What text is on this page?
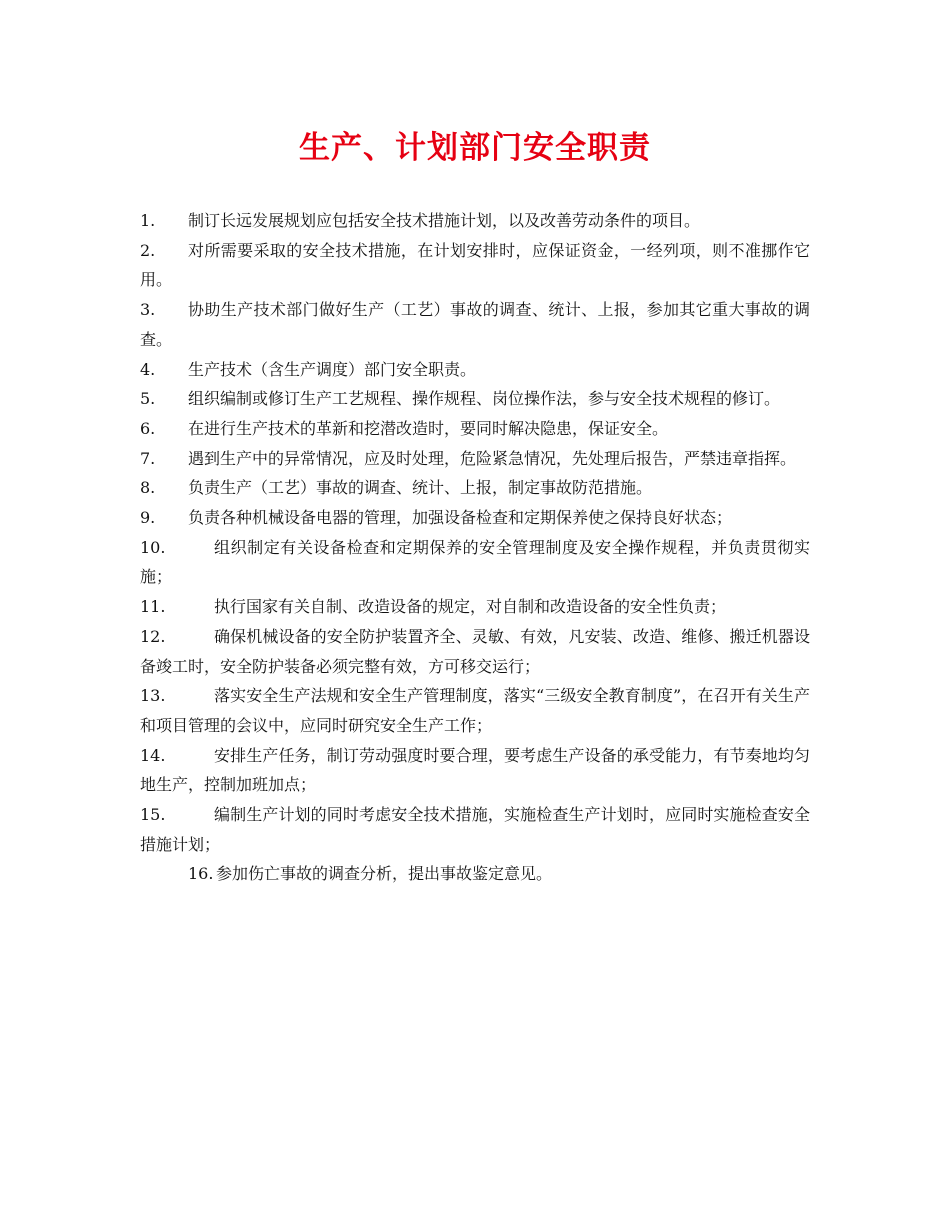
生产、计划部门安全职责
1.	制订长远发展规划应包括安全技术措施计划，以及改善劳动条件的项目。
2.	对所需要采取的安全技术措施，在计划安排时，应保证资金，一经列项，则不准挪作它用。
3.	协助生产技术部门做好生产（工艺）事故的调查、统计、上报，参加其它重大事故的调查。
4.	生产技术（含生产调度）部门安全职责。
5.	组织编制或修订生产工艺规程、操作规程、岗位操作法，参与安全技术规程的修订。
6.	在进行生产技术的革新和挖潜改造时，要同时解决隐患，保证安全。
7.	遇到生产中的异常情况，应及时处理，危险紧急情况，先处理后报告，严禁违章指挥。
8.	负责生产（工艺）事故的调查、统计、上报，制定事故防范措施。
9.	负责各种机械设备电器的管理，加强设备检查和定期保养使之保持良好状态；
10.	组织制定有关设备检查和定期保养的安全管理制度及安全操作规程，并负责贯彻实施；
11.	执行国家有关自制、改造设备的规定，对自制和改造设备的安全性负责；
12.	确保机械设备的安全防护装置齐全、灵敏、有效，凡安装、改造、维修、搬迁机器设备竣工时，安全防护装备必须完整有效，方可移交运行；
13.	落实安全生产法规和安全生产管理制度，落实“三级安全教育制度”，在召开有关生产和项目管理的会议中，应同时研究安全生产工作；
14.	安排生产任务，制订劳动强度时要合理，要考虑生产设备的承受能力，有节奏地均匀地生产，控制加班加点；
15.	编制生产计划的同时考虑安全技术措施，实施检查生产计划时，应同时实施检查安全措施计划；
16. 参加伤亡事故的调查分析，提出事故鉴定意见。
